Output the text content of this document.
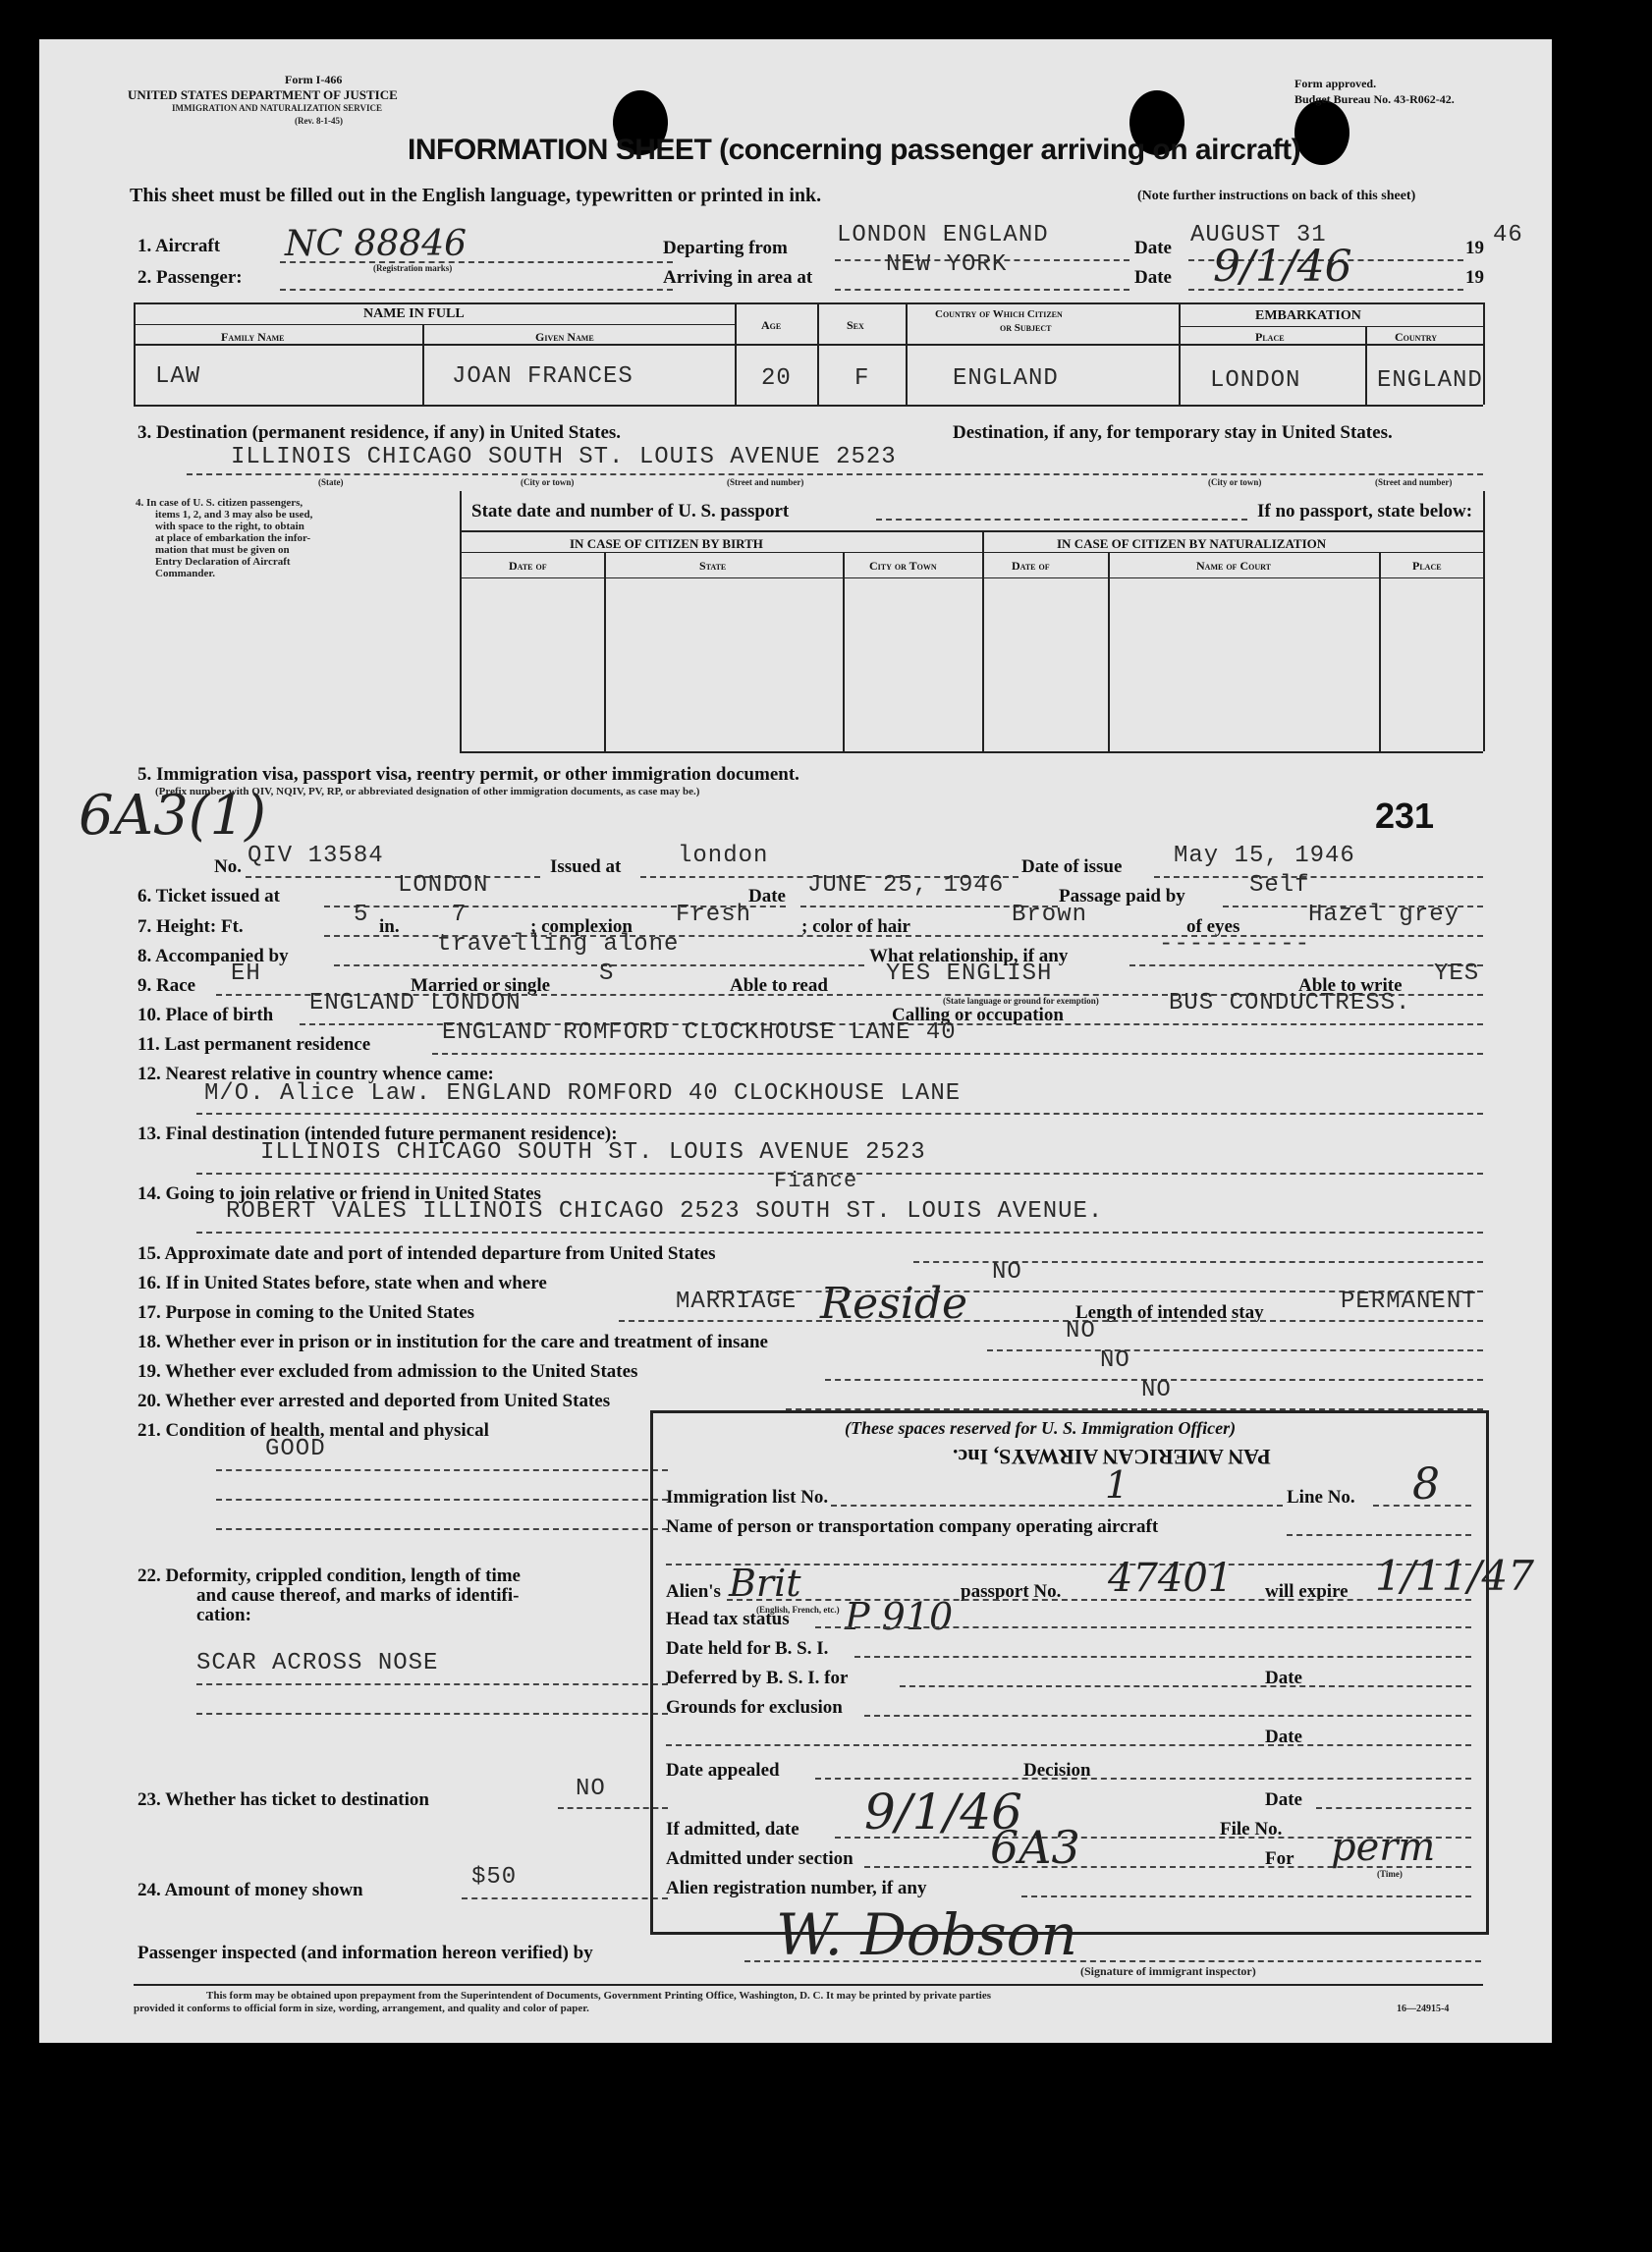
Form I-466
UNITED STATES DEPARTMENT OF JUSTICE
IMMIGRATION AND NATURALIZATION SERVICE
(Rev. 8-1-45)
Form approved.
Budget Bureau No. 43-R062-42.
INFORMATION SHEET (concerning passenger arriving on aircraft)
This sheet must be filled out in the English language, typewritten or printed in ink.	(Note further instructions on back of this sheet)
1. Aircraft NC 88846
(Registration marks)
2. Passenger:
Departing from LONDON ENGLAND
Arriving in area at	NEW YORK
Date AUGUST 31	19 46
Date 9/1/46	19
NAME IN FULL
Family Name	Given Name
Age	Sex
Country of Which Citizen
or Subject
EMBARKATION
Place	Country
LAW	JOAN FRANCES	20	F	ENGLAND	LONDON	ENGLAND
3. Destination (permanent residence, if any) in United States.	Destination, if any, for temporary stay in United States.
ILLINOIS CHICAGO SOUTH ST. LOUIS AVENUE 2523
(State)	(City or town)	(Street and number)	(City or town)	(Street and number)
4. In case of U. S. citizen passengers,
items 1, 2, and 3 may also be used,
with space to the right, to obtain
at place of embarkation the infor-
mation that must be given on
Entry Declaration of Aircraft
Commander.
State date and number of U. S. passport	If no passport, state below:
IN CASE OF CITIZEN BY BIRTH	IN CASE OF CITIZEN BY NATURALIZATION
Date of	State	City or Town	Date of	Name of Court	Place
5. Immigration visa, passport visa, reentry permit, or other immigration document.
(Prefix number with QIV, NQIV, PV, RP, or abbreviated designation of other immigration documents, as case may be.)
6A3(1)	231
No. QIV 13584	Issued at london	Date of issue May 15, 1946
6. Ticket issued at	LONDON	Date JUNE 25, 1946	Passage paid by	Self
7. Height: Ft.	5 in. 7	; complexion Fresh	; color of hair	Brown	of eyes	Hazel grey
8. Accompanied by	travelling alone	What relationship, if any	----------
9. Race EH	Married or single S	Able to read YES ENGLISH	Able to write YES
(State language or ground for exemption)
10. Place of birth ENGLAND LONDON	Calling or occupation	BUS CONDUCTRESS.
11. Last permanent residence	ENGLAND ROMFORD CLOCKHOUSE LANE 40
12. Nearest relative in country whence came:
M/O. Alice Law. ENGLAND ROMFORD 40 CLOCKHOUSE LANE
13. Final destination (intended future permanent residence):
ILLINOIS CHICAGO SOUTH ST. LOUIS AVENUE 2523
14. Going to join relative or friend in United States
Fiance
ROBERT VALES ILLINOIS CHICAGO 2523 SOUTH ST. LOUIS AVENUE.
15. Approximate date and port of intended departure from United States
16. If in United States before, state when and where	NO
17. Purpose in coming to the United States	MARRIAGE Reside	Length of intended stay	PERMANENT
18. Whether ever in prison or in institution for the care and treatment of insane	NO
19. Whether ever excluded from admission to the United States	NO
20. Whether ever arrested and deported from United States	NO
21. Condition of health, mental and physical
GOOD
22. Deformity, crippled condition, length of time
and cause thereof, and marks of identifi-
cation:
SCAR ACROSS NOSE
23. Whether has ticket to destination	NO
24. Amount of money shown	$50
(These spaces reserved for U. S. Immigration Officer)
PAN AMERICAN AIRWAYS, Inc.
Immigration list No.	1	Line No. 8
Name of person or transportation company operating aircraft
Alien's Brit
(English, French, etc.)
passport No. 47401 will expire 1/11/47
Head tax status P 910
Date held for B. S. I.
Deferred by B. S. I. for	Date
Grounds for exclusion
Date
Date appealed	Decision
Date
If admitted, date 9/1/46	File No.
Admitted under section	6A3	For perm
(Time)
Alien registration number, if any
Passenger inspected (and information hereon verified) by	W. Dobson
(Signature of immigrant inspector)
This form may be obtained upon prepayment from the Superintendent of Documents, Government Printing Office, Washington, D. C. It may be printed by private parties
provided it conforms to official form in size, wording, arrangement, and quality and color of paper.	16—24915-4
